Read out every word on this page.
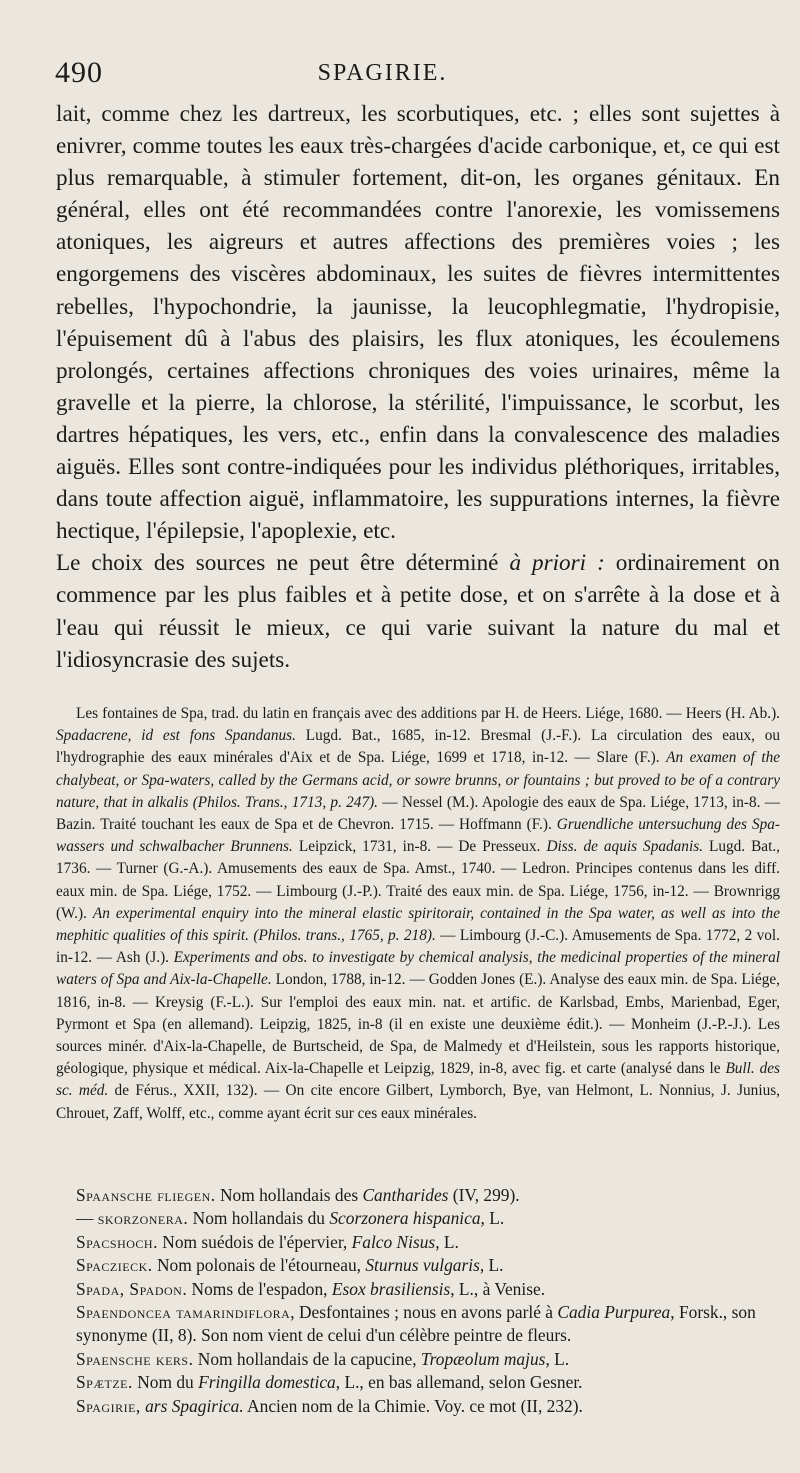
490	SPAGIRIE.

lait, comme chez les dartreux, les scorbutiques, etc. ; elles sont sujettes à enivrer, comme toutes les eaux très-chargées d'acide carbonique, et, ce qui est plus remarquable, à stimuler fortement, dit-on, les organes génitaux. En général, elles ont été recommandées contre l'anorexie, les vomissemens atoniques, les aigreurs et autres affections des premières voies ; les engorgemens des viscères abdominaux, les suites de fièvres intermittentes rebelles, l'hypochondrie, la jaunisse, la leucophlegmatie, l'hydropisie, l'épuisement dû à l'abus des plaisirs, les flux atoniques, les écoulemens prolongés, certaines affections chroniques des voies urinaires, même la gravelle et la pierre, la chlorose, la stérilité, l'impuissance, le scorbut, les dartres hépatiques, les vers, etc., enfin dans la convalescence des maladies aiguës. Elles sont contre-indiquées pour les individus pléthoriques, irritables, dans toute affection aiguë, inflammatoire, les suppurations internes, la fièvre hectique, l'épilepsie, l'apoplexie, etc.

Le choix des sources ne peut être déterminé à priori : ordinairement on commence par les plus faibles et à petite dose, et on s'arrête à la dose et à l'eau qui réussit le mieux, ce qui varie suivant la nature du mal et l'idiosyncrasie des sujets.

Les fontaines de Spa, trad. du latin en français avec des additions par H. de Heers. Liége, 1680. — Heers (H. Ab.). Spadacrene, id est fons Spandanus. Lugd. Bat., 1685, in-12. Bresmal (J.-F.). La circulation des eaux, ou l'hydrographie des eaux minérales d'Aix et de Spa. Liége, 1699 et 1718, in-12. — Slare (F.). An examen of the chalybeat, or Spa-waters, called by the Germans acid, or sowre brunns, or fountains ; but proved to be of a contrary nature, that in alkalis (Philos. Trans., 1713, p. 247). — Nessel (M.). Apologie des eaux de Spa. Liége, 1713, in-8. — Bazin. Traité touchant les eaux de Spa et de Chevron. 1715. — Hoffmann (F.). Gruendliche untersuchung des Spa-wassers und schwalbacher Brunnens. Leipzick, 1731, in-8. — De Presseux. Diss. de aquis Spadanis. Lugd. Bat., 1736. — Turner (G.-A.). Amusements des eaux de Spa. Amst., 1740. — Ledron. Principes contenus dans les diff. eaux min. de Spa. Liége, 1752. — Limbourg (J.-P.). Traité des eaux min. de Spa. Liége, 1756, in-12. — Brownrigg (W.). An experimental enquiry into the mineral elastic spiritorair, contained in the Spa water, as well as into the mephitic qualities of this spirit. (Philos. trans., 1765, p. 218). — Limbourg (J.-C.). Amusements de Spa. 1772, 2 vol. in-12. — Ash (J.). Experiments and obs. to investigate by chemical analysis, the medicinal properties of the mineral waters of Spa and Aix-la-Chapelle. London, 1788, in-12. — Godden Jones (E.). Analyse des eaux min. de Spa. Liége, 1816, in-8. — Kreysig (F.-L.). Sur l'emploi des eaux min. nat. et artific. de Karlsbad, Embs, Marienbad, Eger, Pyrmont et Spa (en allemand). Leipzig, 1825, in-8 (il en existe une deuxième édit.). — Monheim (J.-P.-J.). Les sources minér. d'Aix-la-Chapelle, de Burtscheid, de Spa, de Malmedy et d'Heilstein, sous les rapports historique, géologique, physique et médical. Aix-la-Chapelle et Leipzig, 1829, in-8, avec fig. et carte (analysé dans le Bull. des sc. méd. de Férus., XXII, 132). — On cite encore Gilbert, Lymborch, Bye, van Helmont, L. Nonnius, J. Junius, Chrouet, Zaff, Wolff, etc., comme ayant écrit sur ces eaux minérales.

Spaansche fliegen. Nom hollandais des Cantharides (IV, 299).

— skorzonera. Nom hollandais du Scorzonera hispanica, L.

Spacshoch. Nom suédois de l'épervier, Falco Nisus, L.

Spaczieck. Nom polonais de l'étourneau, Sturnus vulgaris, L.

Spada, Spadon. Noms de l'espadon, Esox brasiliensis, L., à Venise.

Spaendoncea tamarindiflora, Desfontaines ; nous en avons parlé à Cadia Purpurea, Forsk., son synonyme (II, 8). Son nom vient de celui d'un célèbre peintre de fleurs.

Spaensche kers. Nom hollandais de la capucine, Tropæolum majus, L.

Spætze. Nom du Fringilla domestica, L., en bas allemand, selon Gesner.

Spagirie, ars Spagirica. Ancien nom de la Chimie. Voy. ce mot (II, 232).
